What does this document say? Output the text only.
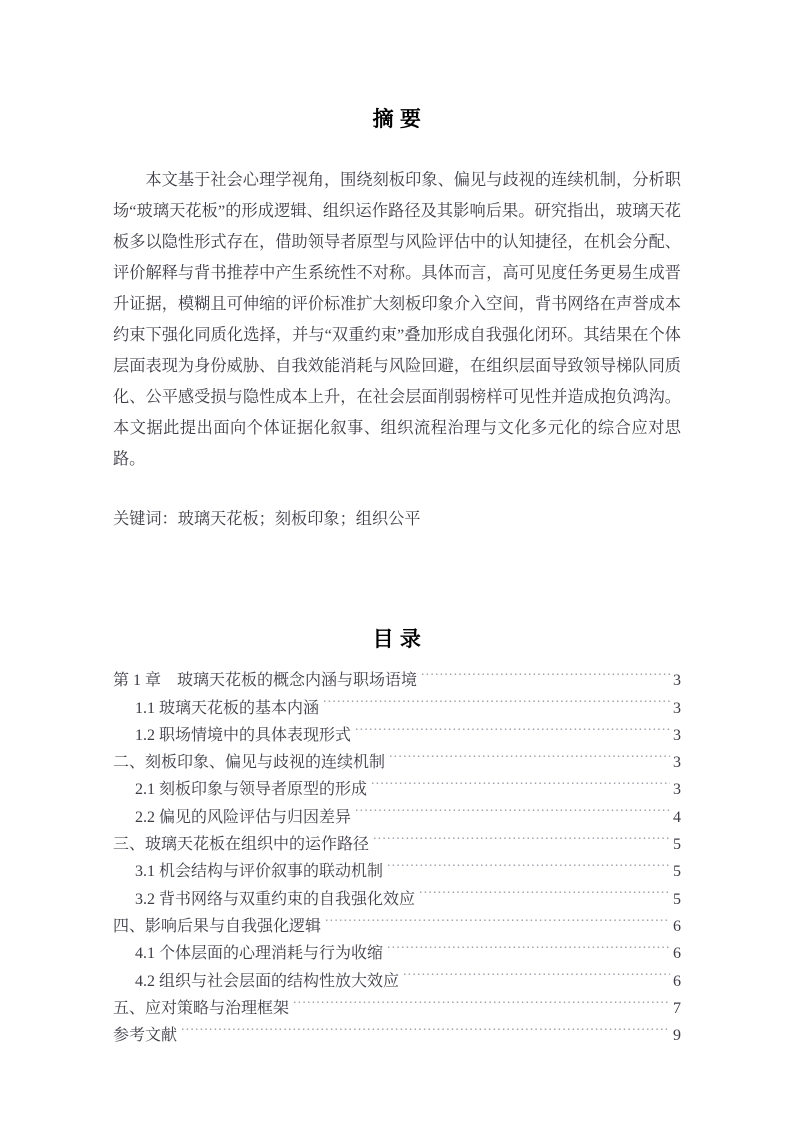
摘 要

本文基于社会心理学视角，围绕刻板印象、偏见与歧视的连续机制，分析职场“玻璃天花板”的形成逻辑、组织运作路径及其影响后果。研究指出，玻璃天花板多以隐性形式存在，借助领导者原型与风险评估中的认知捷径，在机会分配、评价解释与背书推荐中产生系统性不对称。具体而言，高可见度任务更易生成晋升证据，模糊且可伸缩的评价标准扩大刻板印象介入空间，背书网络在声誉成本约束下强化同质化选择，并与“双重约束”叠加形成自我强化闭环。其结果在个体层面表现为身份威胁、自我效能消耗与风险回避，在组织层面导致领导梯队同质化、公平感受损与隐性成本上升，在社会层面削弱榜样可见性并造成抱负鸿沟。本文据此提出面向个体证据化叙事、组织流程治理与文化多元化的综合应对思路。

关键词：玻璃天花板；刻板印象；组织公平

目 录
第 1 章　玻璃天花板的概念内涵与职场语境 .....	3
1.1 玻璃天花板的基本内涵 .....	3
1.2 职场情境中的具体表现形式 .....	3
二、刻板印象、偏见与歧视的连续机制 .....	3
2.1 刻板印象与领导者原型的形成 .....	3
2.2 偏见的风险评估与归因差异 .....	4
三、玻璃天花板在组织中的运作路径 .....	5
3.1 机会结构与评价叙事的联动机制 .....	5
3.2 背书网络与双重约束的自我强化效应 .....	5
四、影响后果与自我强化逻辑 .....	6
4.1 个体层面的心理消耗与行为收缩 .....	6
4.2 组织与社会层面的结构性放大效应 .....	6
五、应对策略与治理框架 .....	7
参考文献 .....	9
